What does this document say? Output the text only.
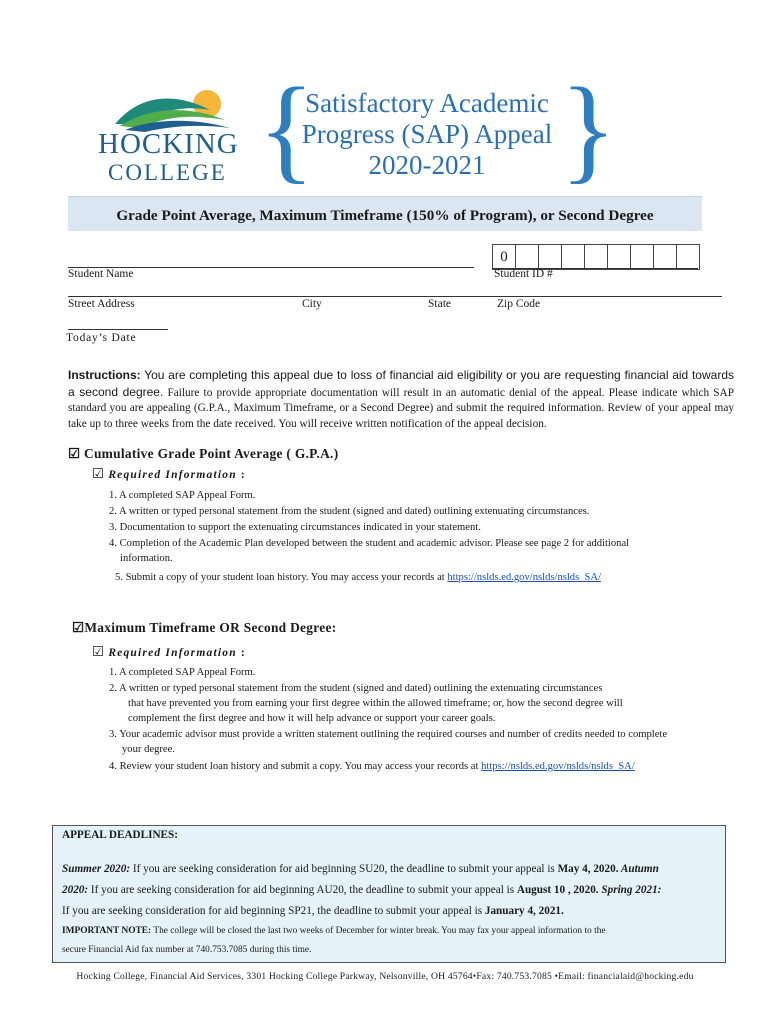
HOCKING
COLLEGE { }
Satisfactory Academic
Progress (SAP) Appeal
2020-2021
Grade Point Average, Maximum Timeframe (150% of Program), or Second Degree
0
Student Name	Student ID #
Street Address	City	State	Zip Code
Today’s Date
Instructions: You are completing this appeal due to loss of financial aid eligibility or you are requesting financial aid towards a second degree. Failure to provide appropriate documentation will result in an automatic denial of the appeal. Please indicate which SAP standard you are appealing (G.P.A., Maximum Timeframe, or a Second Degree) and submit the required information. Review of your appeal may take up to three weeks from the date received. You will receive written notification of the appeal decision.
☑ Cumulative Grade Point Average ( G.P.A.)
☑ Required Information :
1. A completed SAP Appeal Form.
2. A written or typed personal statement from the student (signed and dated) outlining extenuating circumstances.
3. Documentation to support the extenuating circumstances indicated in your statement.
4. Completion of the Academic Plan developed between the student and academic advisor. Please see page 2 for additional
information.
5. Submit a copy of your student loan history. You may access your records at https://nslds.ed.gov/nslds/nslds_SA/
☑Maximum Timeframe OR Second Degree:
☑ Required Information :
1. A completed SAP Appeal Form.
2. A written or typed personal statement from the student (signed and dated) outlining the extenuating circumstances
that have prevented you from earning your first degree within the allowed timeframe; or, how the second degree will
complement the first degree and how it will help advance or support your career goals.
3. Your academic advisor must provide a written statement outlining the required courses and number of credits needed to complete
your degree.
4. Review your student loan history and submit a copy. You may access your records at https://nslds.ed.gov/nslds/nslds_SA/
APPEAL DEADLINES:
Summer 2020: If you are seeking consideration for aid beginning SU20, the deadline to submit your appeal is May 4, 2020. Autumn
2020: If you are seeking consideration for aid beginning AU20, the deadline to submit your appeal is August 10 , 2020. Spring 2021:
If you are seeking consideration for aid beginning SP21, the deadline to submit your appeal is January 4, 2021.
IMPORTANT NOTE: The college will be closed the last two weeks of December for winter break. You may fax your appeal information to the
secure Financial Aid fax number at 740.753.7085 during this time.
Hocking College, Financial Aid Services, 3301 Hocking College Parkway, Nelsonville, OH 45764•Fax: 740.753.7085 •Email: financialaid@hocking.edu
